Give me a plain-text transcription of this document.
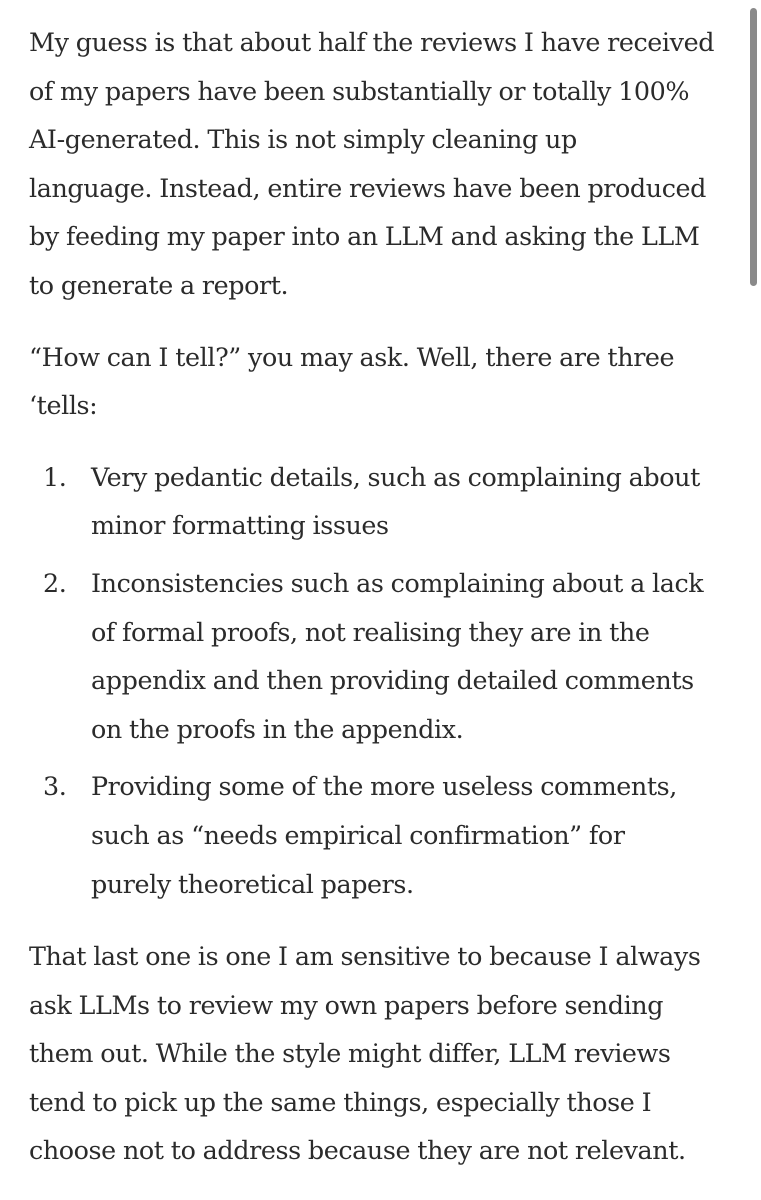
My guess is that about half the reviews I have received
of my papers have been substantially or totally 100%
AI-generated. This is not simply cleaning up
language. Instead, entire reviews have been produced
by feeding my paper into an LLM and asking the LLM
to generate a report.

“How can I tell?” you may ask. Well, there are three
‘tells:

1. Very pedantic details, such as complaining about
minor formatting issues
2. Inconsistencies such as complaining about a lack
of formal proofs, not realising they are in the
appendix and then providing detailed comments
on the proofs in the appendix.
3. Providing some of the more useless comments,
such as “needs empirical confirmation” for
purely theoretical papers.

That last one is one I am sensitive to because I always
ask LLMs to review my own papers before sending
them out. While the style might differ, LLM reviews
tend to pick up the same things, especially those I
choose not to address because they are not relevant.
